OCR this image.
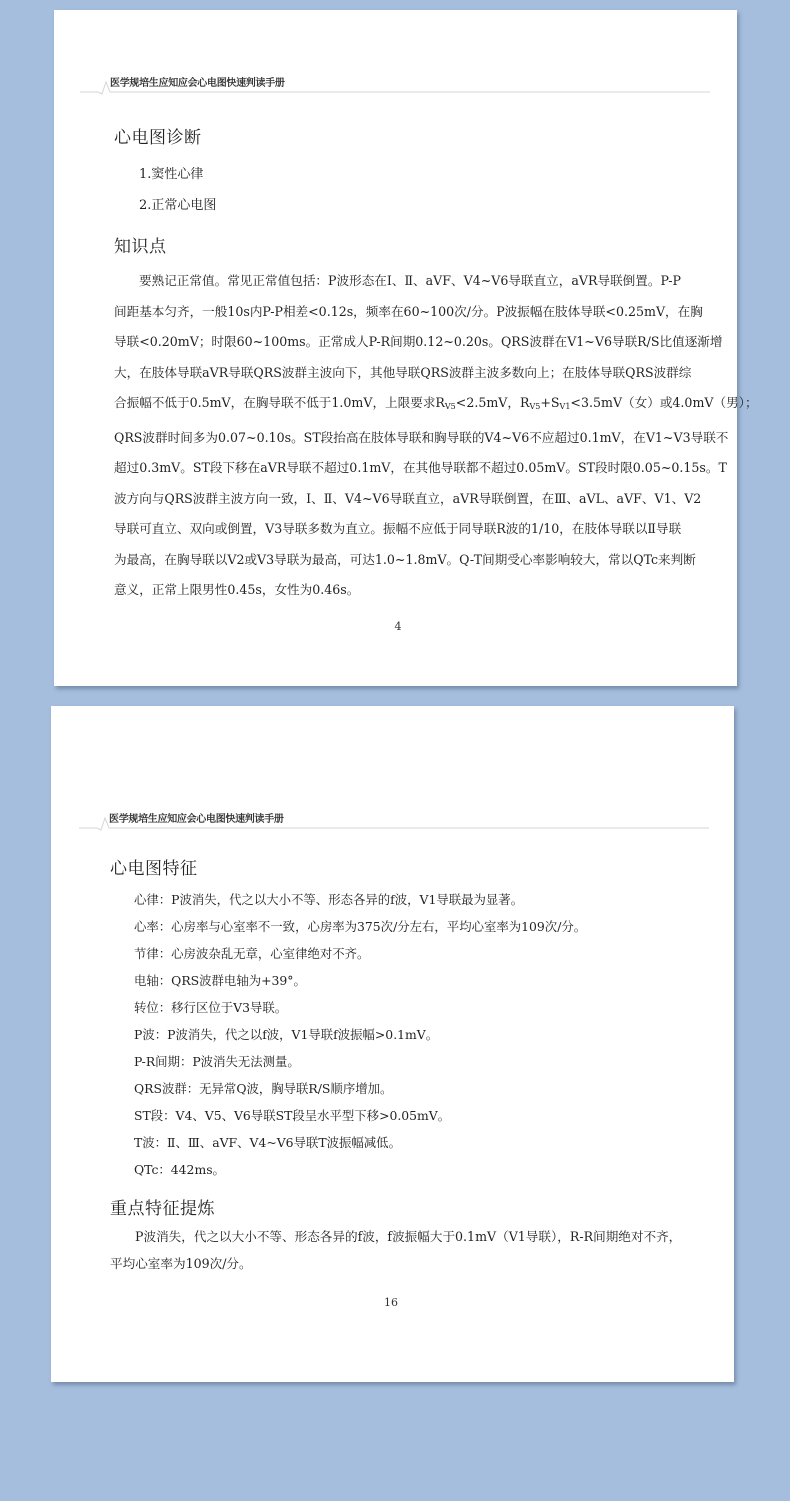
医学规培生应知应会心电图快速判读手册
心电图诊断
1.窦性心律
2.正常心电图
知识点
要熟记正常值。常见正常值包括：P波形态在Ⅰ、Ⅱ、aVF、V4~V6导联直立，aVR导联倒置。P-P
间距基本匀齐，一般10s内P-P相差<0.12s，频率在60~100次/分。P波振幅在肢体导联<0.25mV，在胸
导联<0.20mV；时限60~100ms。正常成人P-R间期0.12~0.20s。QRS波群在V1~V6导联R/S比值逐渐增
大，在肢体导联aVR导联QRS波群主波向下，其他导联QRS波群主波多数向上；在肢体导联QRS波群综
合振幅不低于0.5mV，在胸导联不低于1.0mV，上限要求$R_{V5}<2.5mV$，$R_{V5}+S_{V1}<3.5mV$（女）或4.0mV（男）；
QRS波群时间多为0.07~0.10s。ST段抬高在肢体导联和胸导联的V4~V6不应超过0.1mV，在V1~V3导联不
超过0.3mV。ST段下移在aVR导联不超过0.1mV，在其他导联都不超过0.05mV。ST段时限0.05~0.15s。T
波方向与QRS波群主波方向一致，Ⅰ、Ⅱ、V4~V6导联直立，aVR导联倒置，在Ⅲ、aVL、aVF、V1、V2
导联可直立、双向或倒置，V3导联多数为直立。振幅不应低于同导联R波的1/10，在肢体导联以Ⅱ导联
为最高，在胸导联以V2或V3导联为最高，可达1.0~1.8mV。Q-T间期受心率影响较大，常以QTc来判断
意义，正常上限男性0.45s，女性为0.46s。
4
医学规培生应知应会心电图快速判读手册
心电图特征
心律：P波消失，代之以大小不等、形态各异的f波，V1导联最为显著。
心率：心房率与心室率不一致，心房率为375次/分左右，平均心室率为109次/分。
节律：心房波杂乱无章，心室律绝对不齐。
电轴：QRS波群电轴为+39°。
转位：移行区位于V3导联。
P波：P波消失，代之以f波，V1导联f波振幅>0.1mV。
P-R间期：P波消失无法测量。
QRS波群：无异常Q波，胸导联R/S顺序增加。
ST段：V4、V5、V6导联ST段呈水平型下移>0.05mV。
T波：Ⅱ、Ⅲ、aVF、V4~V6导联T波振幅减低。
QTc：442ms。
重点特征提炼
P波消失，代之以大小不等、形态各异的f波，f波振幅大于0.1mV（V1导联），R-R间期绝对不齐，
平均心室率为109次/分。
16
